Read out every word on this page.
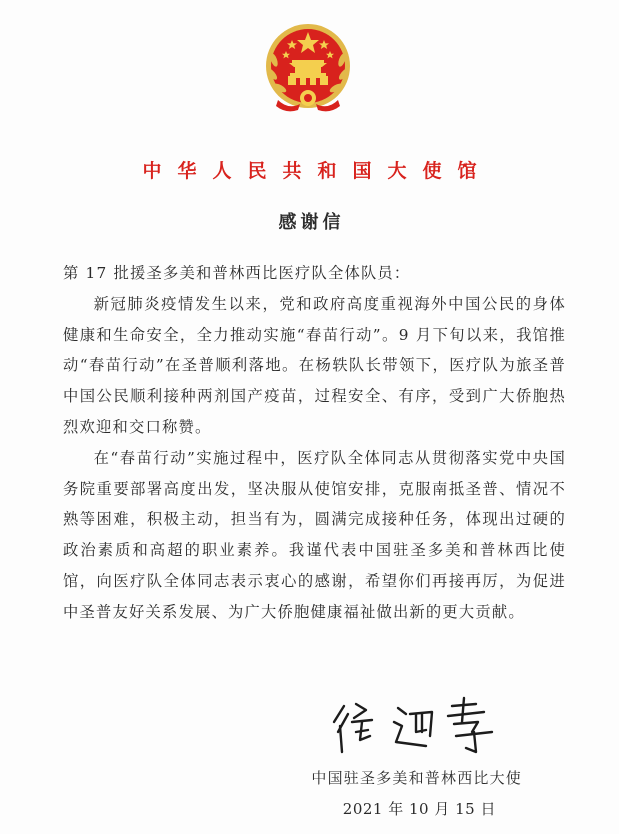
中华人民共和国大使馆
感谢信

第 17 批援圣多美和普林西比医疗队全体队员：

新冠肺炎疫情发生以来，党和政府高度重视海外中国公民的身体健康和生命安全，全力推动实施“春苗行动”。9 月下旬以来，我馆推动“春苗行动”在圣普顺利落地。在杨轶队长带领下，医疗队为旅圣普中国公民顺利接种两剂国产疫苗，过程安全、有序，受到广大侨胞热烈欢迎和交口称赞。

在“春苗行动”实施过程中，医疗队全体同志从贯彻落实党中央国务院重要部署高度出发，坚决服从使馆安排，克服南抵圣普、情况不熟等困难，积极主动，担当有为，圆满完成接种任务，体现出过硬的政治素质和高超的职业素养。我谨代表中国驻圣多美和普林西比使馆，向医疗队全体同志表示衷心的感谢，希望你们再接再厉，为促进中圣普友好关系发展、为广大侨胞健康福祉做出新的更大贡献。

中国驻圣多美和普林西比大使
2021 年 10 月 15 日
